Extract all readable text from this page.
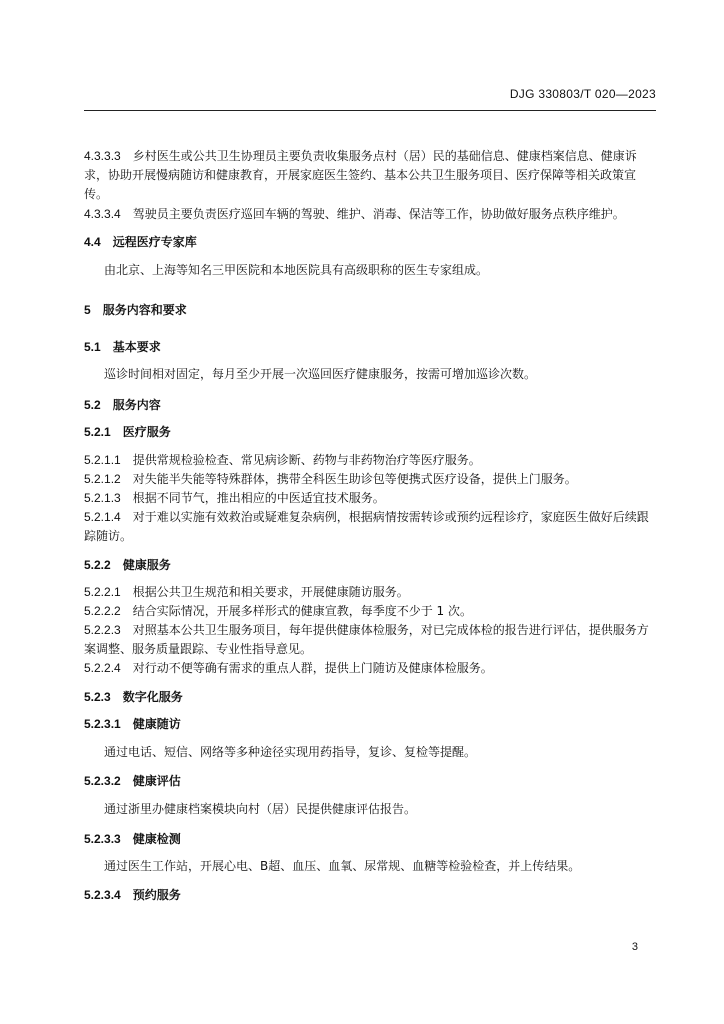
DJG 330803/T 020—2023
4.3.3.3 乡村医生或公共卫生协理员主要负责收集服务点村（居）民的基础信息、健康档案信息、健康诉求，协助开展慢病随访和健康教育，开展家庭医生签约、基本公共卫生服务项目、医疗保障等相关政策宣传。
4.3.3.4 驾驶员主要负责医疗巡回车辆的驾驶、维护、消毒、保洁等工作，协助做好服务点秩序维护。
4.4 远程医疗专家库
由北京、上海等知名三甲医院和本地医院具有高级职称的医生专家组成。
5 服务内容和要求
5.1 基本要求
巡诊时间相对固定，每月至少开展一次巡回医疗健康服务，按需可增加巡诊次数。
5.2 服务内容
5.2.1 医疗服务
5.2.1.1 提供常规检验检查、常见病诊断、药物与非药物治疗等医疗服务。
5.2.1.2 对失能半失能等特殊群体，携带全科医生助诊包等便携式医疗设备，提供上门服务。
5.2.1.3 根据不同节气，推出相应的中医适宜技术服务。
5.2.1.4 对于难以实施有效救治或疑难复杂病例，根据病情按需转诊或预约远程诊疗，家庭医生做好后续跟踪随访。
5.2.2 健康服务
5.2.2.1 根据公共卫生规范和相关要求，开展健康随访服务。
5.2.2.2 结合实际情况，开展多样形式的健康宣教，每季度不少于 1 次。
5.2.2.3 对照基本公共卫生服务项目，每年提供健康体检服务，对已完成体检的报告进行评估，提供服务方案调整、服务质量跟踪、专业性指导意见。
5.2.2.4 对行动不便等确有需求的重点人群，提供上门随访及健康体检服务。
5.2.3 数字化服务
5.2.3.1 健康随访
通过电话、短信、网络等多种途径实现用药指导，复诊、复检等提醒。
5.2.3.2 健康评估
通过浙里办健康档案模块向村（居）民提供健康评估报告。
5.2.3.3 健康检测
通过医生工作站，开展心电、B超、血压、血氧、尿常规、血糖等检验检查，并上传结果。
5.2.3.4 预约服务
3
